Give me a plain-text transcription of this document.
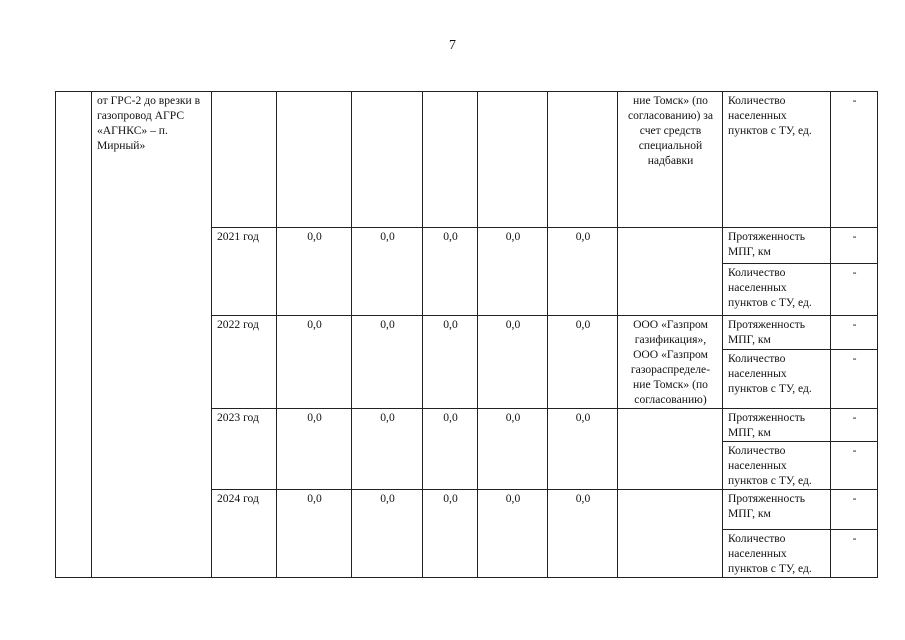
7
	от ГРС-2 до врезки в газопровод АГРС «АГНКС» – п. Мирный»							ние Томск» (по согласованию) за счет средств специальной надбавки	Количество населенных пунктов с ТУ, ед.	-
		2021 год	0,0	0,0	0,0	0,0	0,0		Протяженность МПГ, км	-
									Количество населенных пунктов с ТУ, ед.	-
		2022 год	0,0	0,0	0,0	0,0	0,0	ООО «Газпром газификация», ООО «Газпром газораспределе-ние Томск» (по согласованию)	Протяженность МПГ, км	-
									Количество населенных пунктов с ТУ, ед.	-
		2023 год	0,0	0,0	0,0	0,0	0,0		Протяженность МПГ, км	-
									Количество населенных пунктов с ТУ, ед.	-
		2024 год	0,0	0,0	0,0	0,0	0,0		Протяженность МПГ, км	-
									Количество населенных пунктов с ТУ, ед.	-
